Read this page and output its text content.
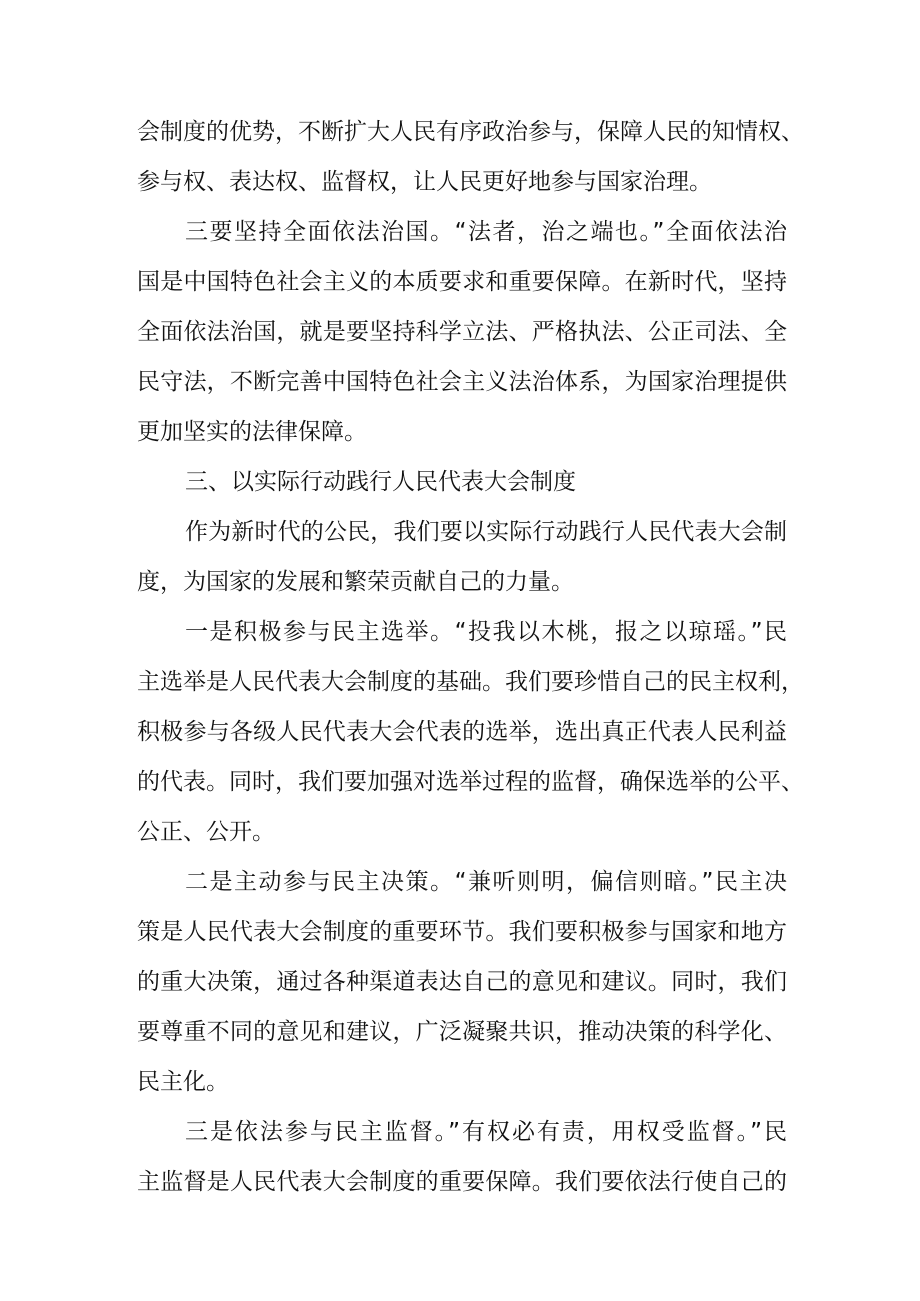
会制度的优势，不断扩大人民有序政治参与，保障人民的知情权、
参与权、表达权、监督权，让人民更好地参与国家治理。
三要坚持全面依法治国。“法者，治之端也。”全面依法治
国是中国特色社会主义的本质要求和重要保障。在新时代，坚持
全面依法治国，就是要坚持科学立法、严格执法、公正司法、全
民守法，不断完善中国特色社会主义法治体系，为国家治理提供
更加坚实的法律保障。
三、以实际行动践行人民代表大会制度
作为新时代的公民，我们要以实际行动践行人民代表大会制
度，为国家的发展和繁荣贡献自己的力量。
一是积极参与民主选举。“投我以木桃，报之以琼瑶。”民
主选举是人民代表大会制度的基础。我们要珍惜自己的民主权利，
积极参与各级人民代表大会代表的选举，选出真正代表人民利益
的代表。同时，我们要加强对选举过程的监督，确保选举的公平、
公正、公开。
二是主动参与民主决策。“兼听则明，偏信则暗。”民主决
策是人民代表大会制度的重要环节。我们要积极参与国家和地方
的重大决策，通过各种渠道表达自己的意见和建议。同时，我们
要尊重不同的意见和建议，广泛凝聚共识，推动决策的科学化、
民主化。
三是依法参与民主监督。”有权必有责，用权受监督。”民
主监督是人民代表大会制度的重要保障。我们要依法行使自己的
